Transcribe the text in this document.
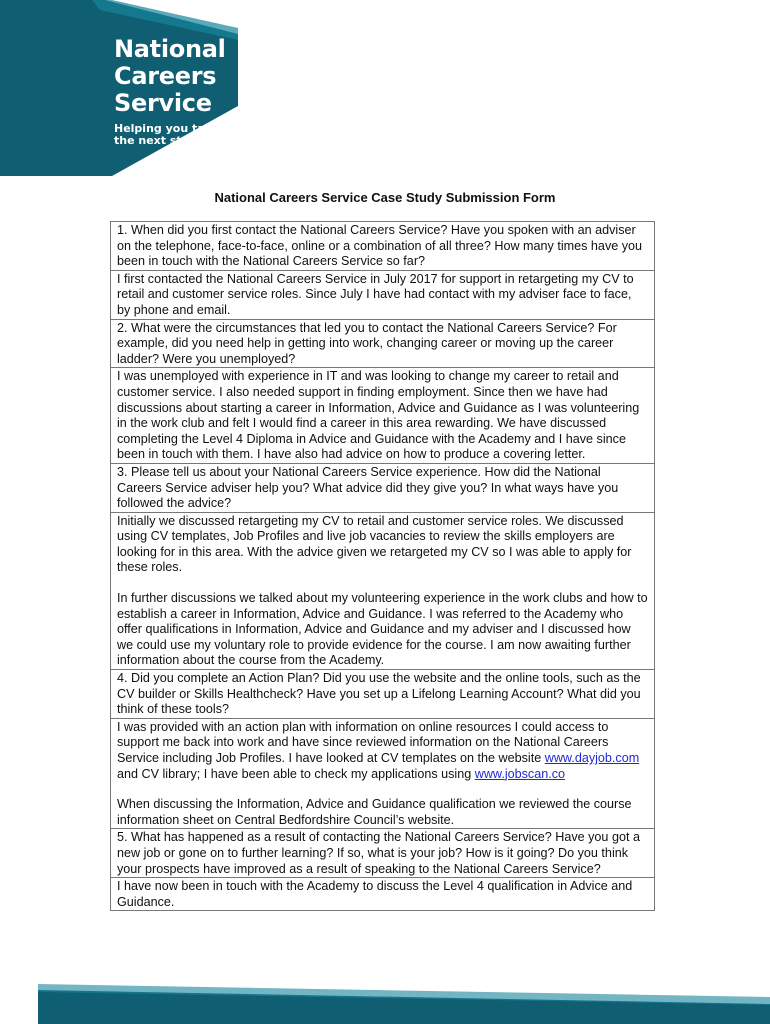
National
Careers
Service
Helping you take
the next step
National Careers Service Case Study Submission Form

1. When did you first contact the National Careers Service? Have you spoken with an adviser on the telephone, face-to-face, online or a combination of all three? How many times have you been in touch with the National Careers Service so far?

I first contacted the National Careers Service in July 2017 for support in retargeting my CV to retail and customer service roles. Since July I have had contact with my adviser face to face, by phone and email.

2. What were the circumstances that led you to contact the National Careers Service? For example, did you need help in getting into work, changing career or moving up the career ladder? Were you unemployed?

I was unemployed with experience in IT and was looking to change my career to retail and customer service. I also needed support in finding employment. Since then we have had discussions about starting a career in Information, Advice and Guidance as I was volunteering in the work club and felt I would find a career in this area rewarding. We have discussed completing the Level 4 Diploma in Advice and Guidance with the Academy and I have since been in touch with them. I have also had advice on how to produce a covering letter.

3. Please tell us about your National Careers Service experience. How did the National Careers Service adviser help you? What advice did they give you? In what ways have you followed the advice?

Initially we discussed retargeting my CV to retail and customer service roles. We discussed using CV templates, Job Profiles and live job vacancies to review the skills employers are looking for in this area. With the advice given we retargeted my CV so I was able to apply for these roles.

In further discussions we talked about my volunteering experience in the work clubs and how to establish a career in Information, Advice and Guidance. I was referred to the Academy who offer qualifications in Information, Advice and Guidance and my adviser and I discussed how we could use my voluntary role to provide evidence for the course. I am now awaiting further information about the course from the Academy.

4. Did you complete an Action Plan? Did you use the website and the online tools, such as the CV builder or Skills Healthcheck? Have you set up a Lifelong Learning Account? What did you think of these tools?

I was provided with an action plan with information on online resources I could access to support me back into work and have since reviewed information on the National Careers Service including Job Profiles. I have looked at CV templates on the website www.dayjob.com and CV library; I have been able to check my applications using www.jobscan.co

When discussing the Information, Advice and Guidance qualification we reviewed the course information sheet on Central Bedfordshire Council’s website.

5. What has happened as a result of contacting the National Careers Service? Have you got a new job or gone on to further learning? If so, what is your job? How is it going? Do you think your prospects have improved as a result of speaking to the National Careers Service?

I have now been in touch with the Academy to discuss the Level 4 qualification in Advice and Guidance.
